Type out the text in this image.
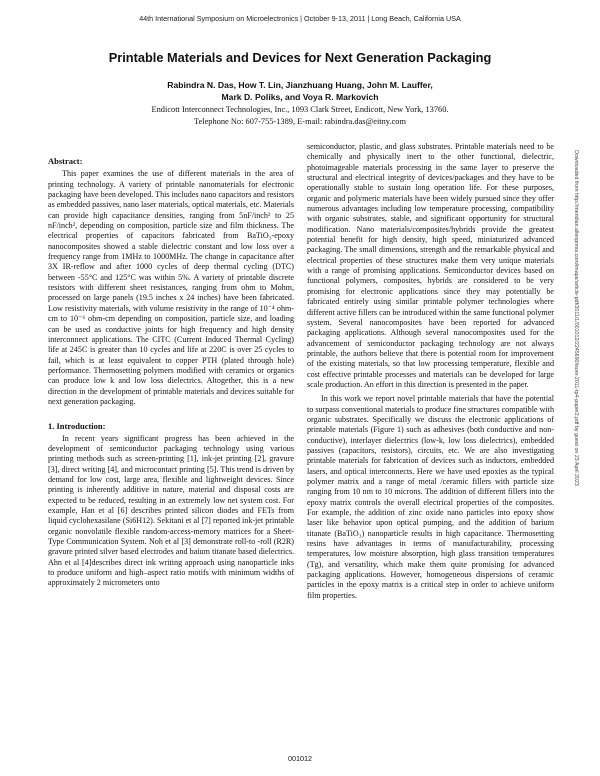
44th International Symposium on Microelectronics | October 9-13, 2011 | Long Beach, California USA
Printable Materials and Devices for Next Generation Packaging
Rabindra N. Das, How T. Lin, Jianzhuang Huang, John M. Lauffer,
Mark D. Poliks, and Voya R. Markovich
Endicott Interconnect Technologies, Inc., 1093 Clark Street, Endicott, New York, 13760.
Telephone No: 607-755-1389, E-mail: rabindra.das@eitny.com

Abstract:

This paper examines the use of different materials in the area of printing technology. A variety of printable nanomaterials for electronic packaging have been developed. This includes nano capacitors and resistors as embedded passives, nano laser materials, optical materials, etc. Materials can provide high capacitance densities, ranging from 5nF/inch² to 25 nF/inch², depending on composition, particle size and film thickness. The electrical properties of capacitors fabricated from BaTiO₃-epoxy nanocomposites showed a stable dielectric constant and low loss over a frequency range from 1MHz to 1000MHz. The change in capacitance after 3X IR-reflow and after 1000 cycles of deep thermal cycling (DTC) between -55°C and 125°C was within 5%. A variety of printable discrete resistors with different sheet resistances, ranging from ohm to Mohm, processed on large panels (19.5 inches x 24 inches) have been fabricated. Low resistivity materials, with volume resistivity in the range of 10⁻⁴ ohm-cm to 10⁻⁶ ohm-cm depending on composition, particle size, and loading can be used as conductive joints for high frequency and high density interconnect applications. The CITC (Current Induced Thermal Cycling) life at 245C is greater than 10 cycles and life at 220C is over 25 cycles to fail, which is at least equivalent to copper PTH (plated through hole) performance. Thermosetting polymers modified with ceramics or organics can produce low k and low loss dielectrics. Altogether, this is a new direction in the development of printable materials and devices suitable for next generation packaging.

1. Introduction:

In recent years significant progress has been achieved in the development of semiconductor packaging technology using various printing methods such as screen-printing [1], ink-jet printing [2], gravure [3], direct writing [4], and microcontact printing [5]. This trend is driven by demand for low cost, large area, flexible and lightweight devices. Since printing is inherently additive in nature, material and disposal costs are expected to be reduced, resulting in an extremely low net system cost. For example, Han et al [6] describes printed silicon diodes and FETs from liquid cyclohexasilane (Si6H12). Sekitani et al [7] reported ink-jet printable organic nonvolatile flexible random-access-memory matrices for a Sheet-Type Communication System. Noh et al [3] demonstrate roll-to -roll (R2R) gravure printed silver based electrodes and baium titanate based dielectrics. Ahn et al [4]describes direct ink writing approach using nanoparticle inks to produce uniform and high–aspect ratio motifs with minimum widths of approximately 2 micrometers onto

semiconductor, plastic, and glass substrates. Printable materials need to be chemically and physically inert to the other functional, dielectric, photoimageable materials processing in the same layer to preserve the structural and electrical integrity of devices/packages and they have to be operationally stable to sustain long operation life. For these purposes, organic and polymeric materials have been widely pursued since they offer numerous advantages including low temperature processing, compatibility with organic substrates, stable, and significant opportunity for structural modification. Nano materials/composites/hybrids provide the greatest potential benefit for high density, high speed, miniaturized advanced packaging. The small dimensions, strength and the remarkable physical and electrical properties of these structures make them very unique materials with a range of promising applications. Semiconductor devices based on functional polymers, composites, hybrids are considered to be very promising for electronic applications since they may potentially be fabricated entirely using similar printable polymer technologies where different active fillers can be introduced within the same functional polymer system. Several nanocomposites have been reported for advanced packaging applications. Although several nanocomposites used for the advancement of semiconductor packaging technology are not always printable, the authors believe that there is potential room for improvement of the existing materials, so that low processing temperature, flexible and cost effective printable processes and materials can be developed for large scale production. An effort in this direction is presented in the paper.

In this work we report novel printable materials that have the potential to surpass conventional materials to produce fine structures compatible with organic substrates. Specifically we discuss the electronic applications of printable materials (Figure 1) such as adhesives (both conductive and non-conductive), interlayer dielectrics (low-k, low loss dielectrics), embedded passives (capacitors, resistors), circuits, etc. We are also investigating printable materials for fabrication of devices such as inductors, embedded lasers, and optical interconnects. Here we have used epoxies as the typical polymer matrix and a range of metal /ceramic fillers with particle size ranging from 10 nm to 10 microns. The addition of different fillers into the epoxy matrix controls the overall electrical properties of the composites. For example, the addition of zinc oxide nano particles into epoxy show laser like behavior upon optical pumping, and the addition of barium titanate (BaTiO₃) nanoparticle results in high capacitance. Thermosetting resins have advantages in terms of manufacturability, processing temperatures, low moisture absorption, high glass transition temperatures (Tg), and versatility, which make them quite promising for advanced packaging applications. However, homogeneous dispersions of ceramic particles in the epoxy matrix is a critical step in order to achieve uniform film properties.

Downloaded from http://meridian.allenpress.com/imaps/article-pdf/2011/1/001012/2245690/isom-2011-tp4-paper2.pdf by guest on 23 April 2023
001012
